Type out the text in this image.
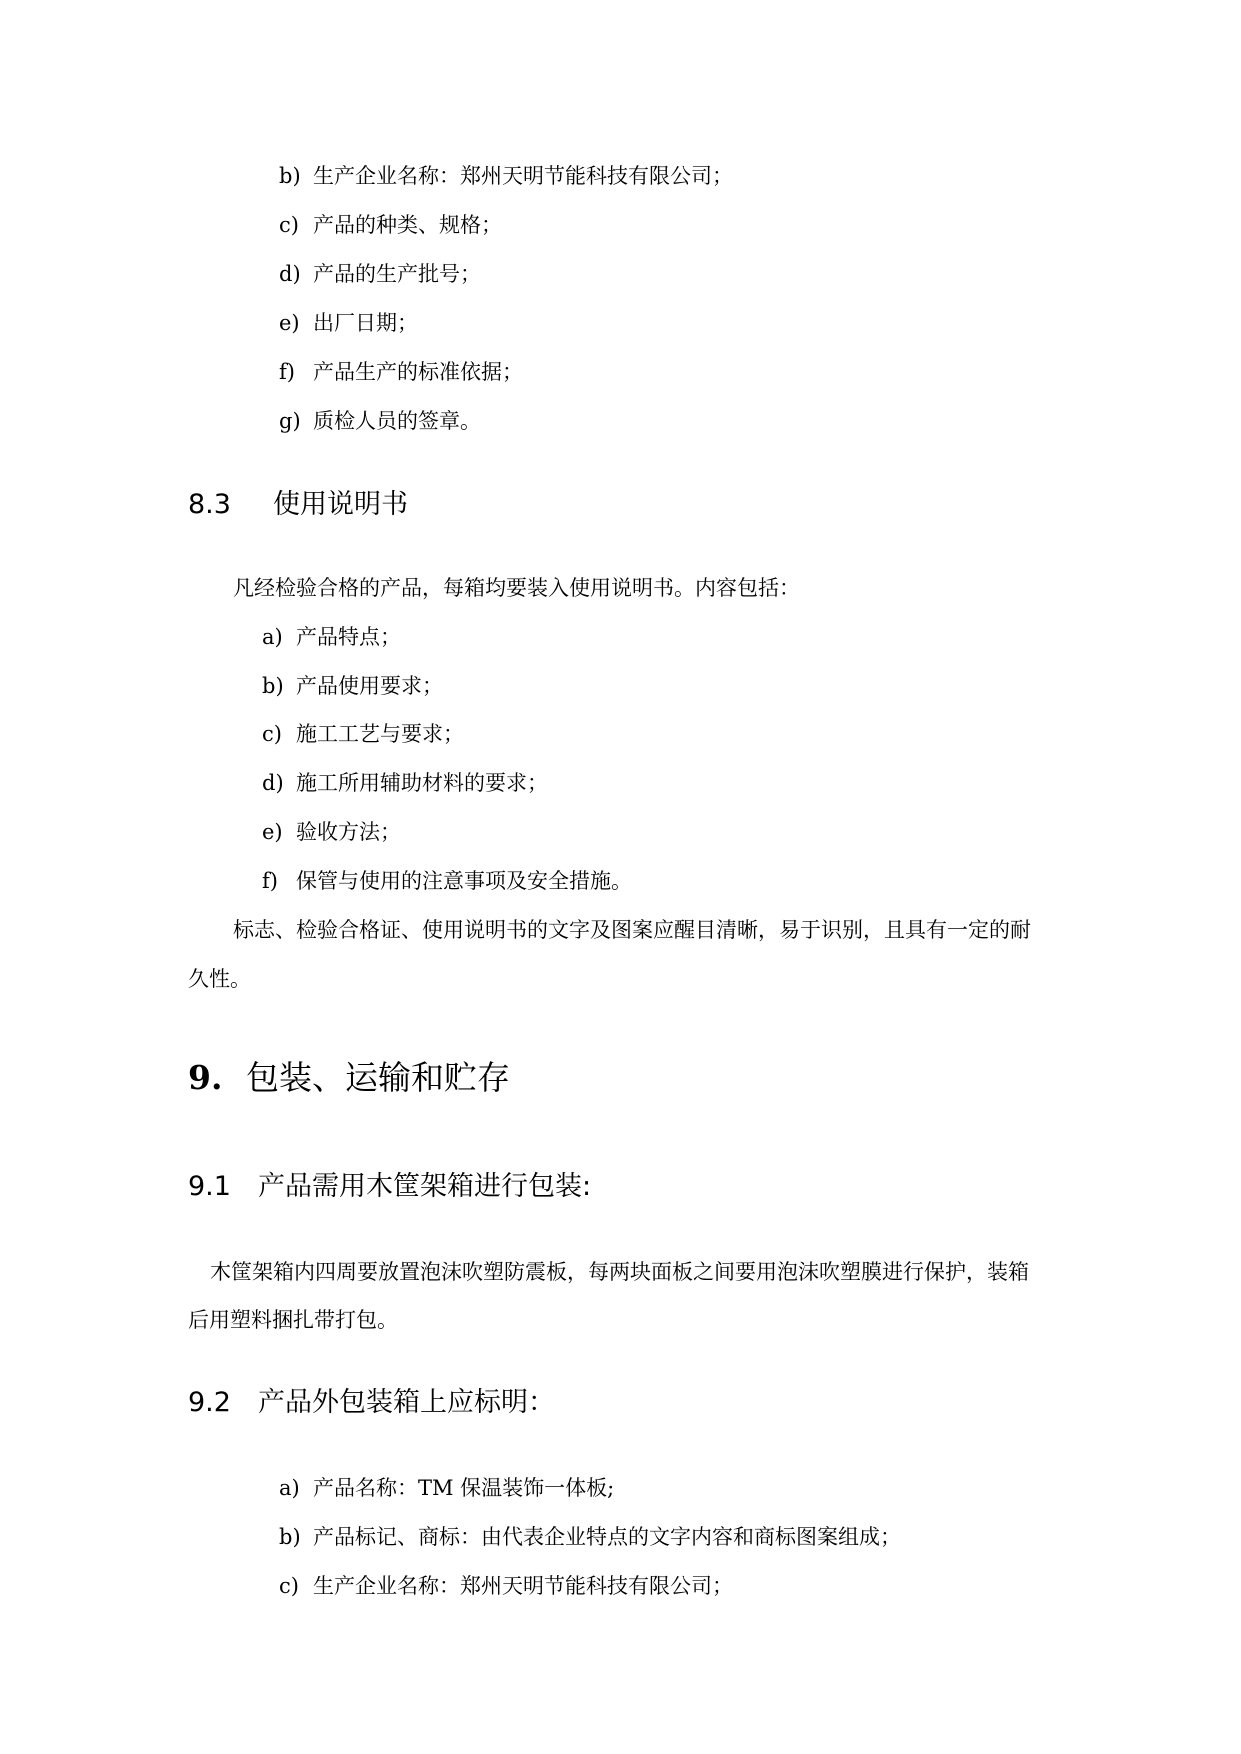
b) 生产企业名称：郑州天明节能科技有限公司；
c) 产品的种类、规格；
d) 产品的生产批号；
e) 出厂日期；
f) 产品生产的标准依据；
g) 质检人员的签章。
8.3 使用说明书
凡经检验合格的产品，每箱均要装入使用说明书。内容包括：
a) 产品特点；
b) 产品使用要求；
c) 施工工艺与要求；
d) 施工所用辅助材料的要求；
e) 验收方法；
f) 保管与使用的注意事项及安全措施。
标志、检验合格证、使用说明书的文字及图案应醒目清晰，易于识别，且具有一定的耐
久性。
9. 包装、运输和贮存
9.1 产品需用木筐架箱进行包装:
木筐架箱内四周要放置泡沫吹塑防震板，每两块面板之间要用泡沫吹塑膜进行保护，装箱
后用塑料捆扎带打包。
9.2 产品外包装箱上应标明：
a) 产品名称：TM 保温装饰一体板;
b) 产品标记、商标：由代表企业特点的文字内容和商标图案组成；
c) 生产企业名称：郑州天明节能科技有限公司；
